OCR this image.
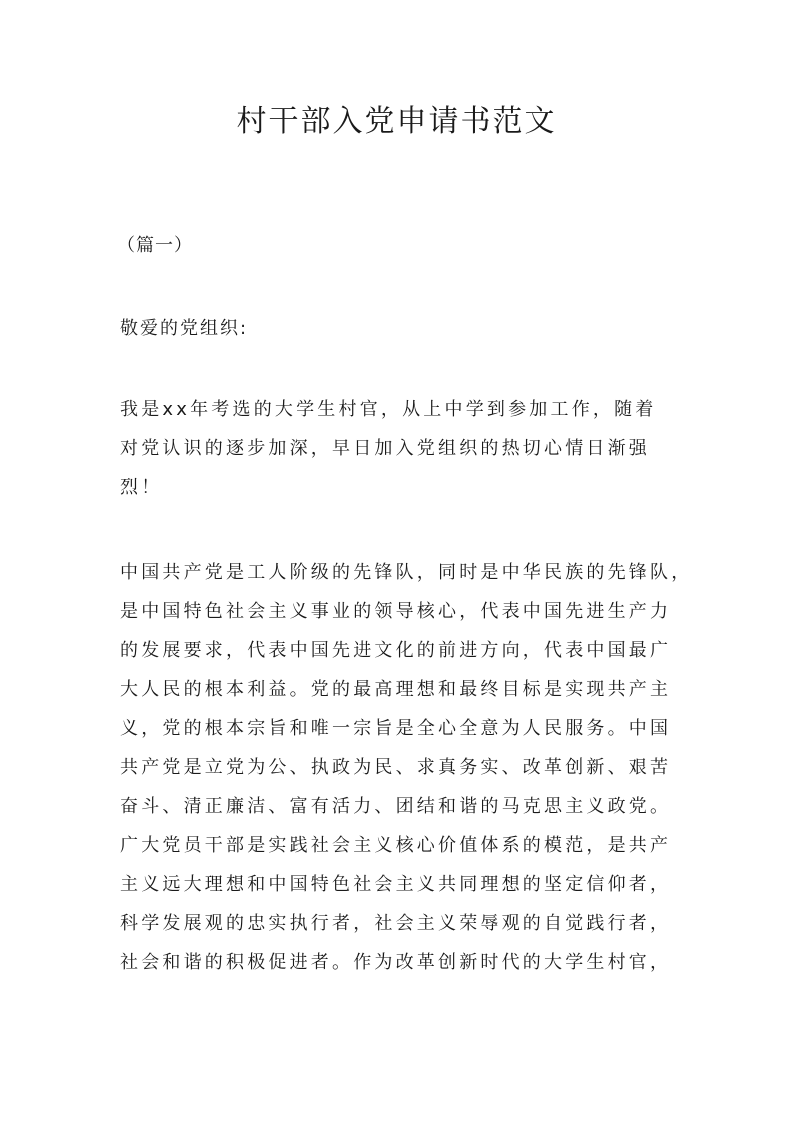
村干部入党申请书范文

（篇一）

敬爱的党组织:

我是xx年考选的大学生村官，从上中学到参加工作，随着
对党认识的逐步加深，早日加入党组织的热切心情日渐强
烈！
中国共产党是工人阶级的先锋队，同时是中华民族的先锋队，
是中国特色社会主义事业的领导核心，代表中国先进生产力
的发展要求，代表中国先进文化的前进方向，代表中国最广
大人民的根本利益。党的最高理想和最终目标是实现共产主
义，党的根本宗旨和唯一宗旨是全心全意为人民服务。中国
共产党是立党为公、执政为民、求真务实、改革创新、艰苦
奋斗、清正廉洁、富有活力、团结和谐的马克思主义政党。
广大党员干部是实践社会主义核心价值体系的模范，是共产
主义远大理想和中国特色社会主义共同理想的坚定信仰者，
科学发展观的忠实执行者，社会主义荣辱观的自觉践行者，
社会和谐的积极促进者。作为改革创新时代的大学生村官，
